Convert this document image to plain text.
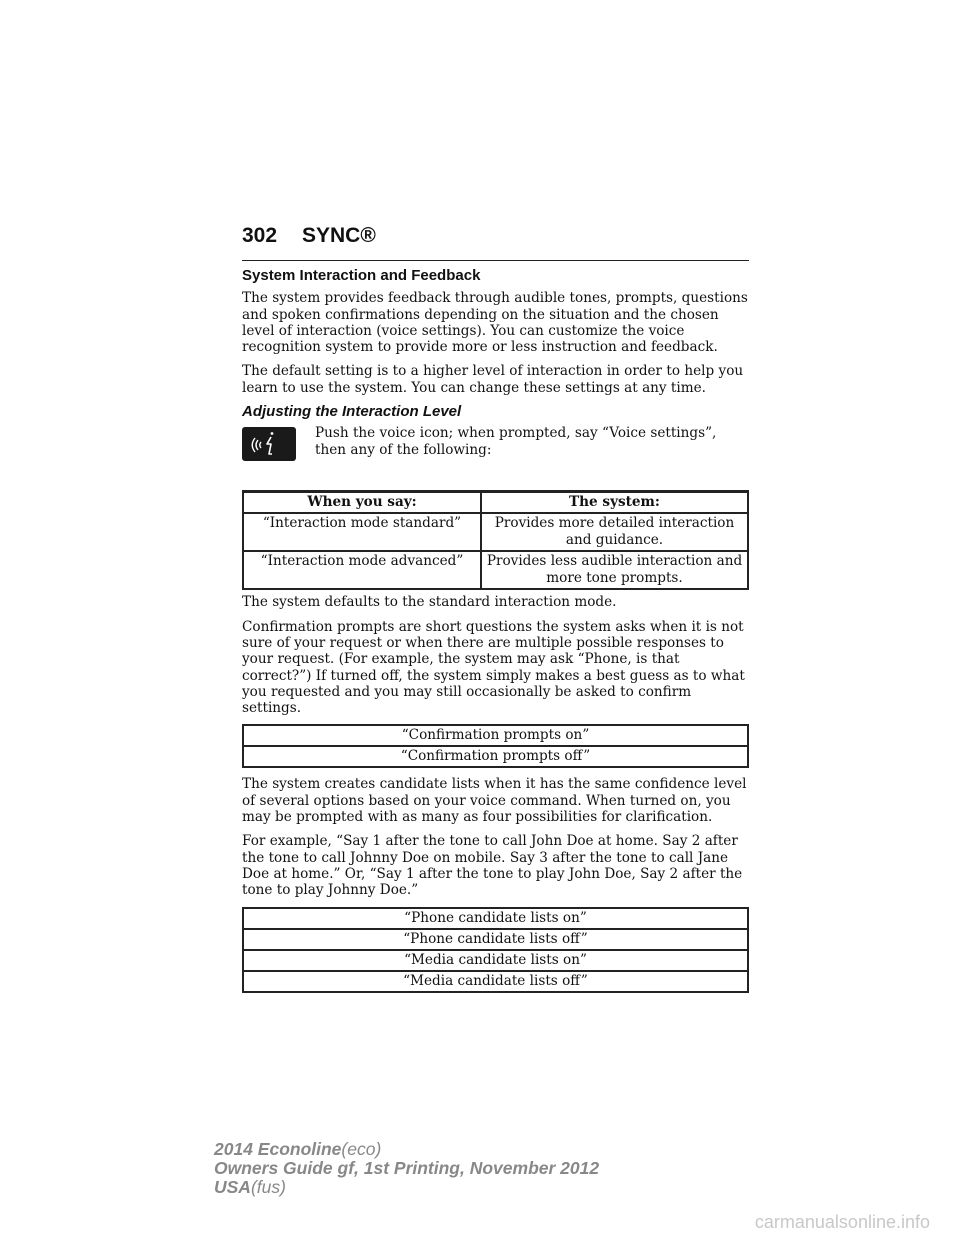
302 SYNC®
System Interaction and Feedback

The system provides feedback through audible tones, prompts, questions and spoken confirmations depending on the situation and the chosen level of interaction (voice settings). You can customize the voice recognition system to provide more or less instruction and feedback.

The default setting is to a higher level of interaction in order to help you learn to use the system. You can change these settings at any time.

Adjusting the Interaction Level
Push the voice icon; when prompted, say “Voice settings”, then any of the following:
When you say:	The system:
“Interaction mode standard”	Provides more detailed interaction and guidance.
“Interaction mode advanced”	Provides less audible interaction and more tone prompts.

The system defaults to the standard interaction mode.

Confirmation prompts are short questions the system asks when it is not sure of your request or when there are multiple possible responses to your request. (For example, the system may ask “Phone, is that correct?”) If turned off, the system simply makes a best guess as to what you requested and you may still occasionally be asked to confirm settings.

“Confirmation prompts on”
“Confirmation prompts off”

The system creates candidate lists when it has the same confidence level of several options based on your voice command. When turned on, you may be prompted with as many as four possibilities for clarification.

For example, “Say 1 after the tone to call John Doe at home. Say 2 after the tone to call Johnny Doe on mobile. Say 3 after the tone to call Jane Doe at home.” Or, “Say 1 after the tone to play John Doe, Say 2 after the tone to play Johnny Doe.”

“Phone candidate lists on”
“Phone candidate lists off”
“Media candidate lists on”
“Media candidate lists off”
2014 Econoline(eco)
Owners Guide gf, 1st Printing, November 2012
USA(fus)
carmanualsonline.info
